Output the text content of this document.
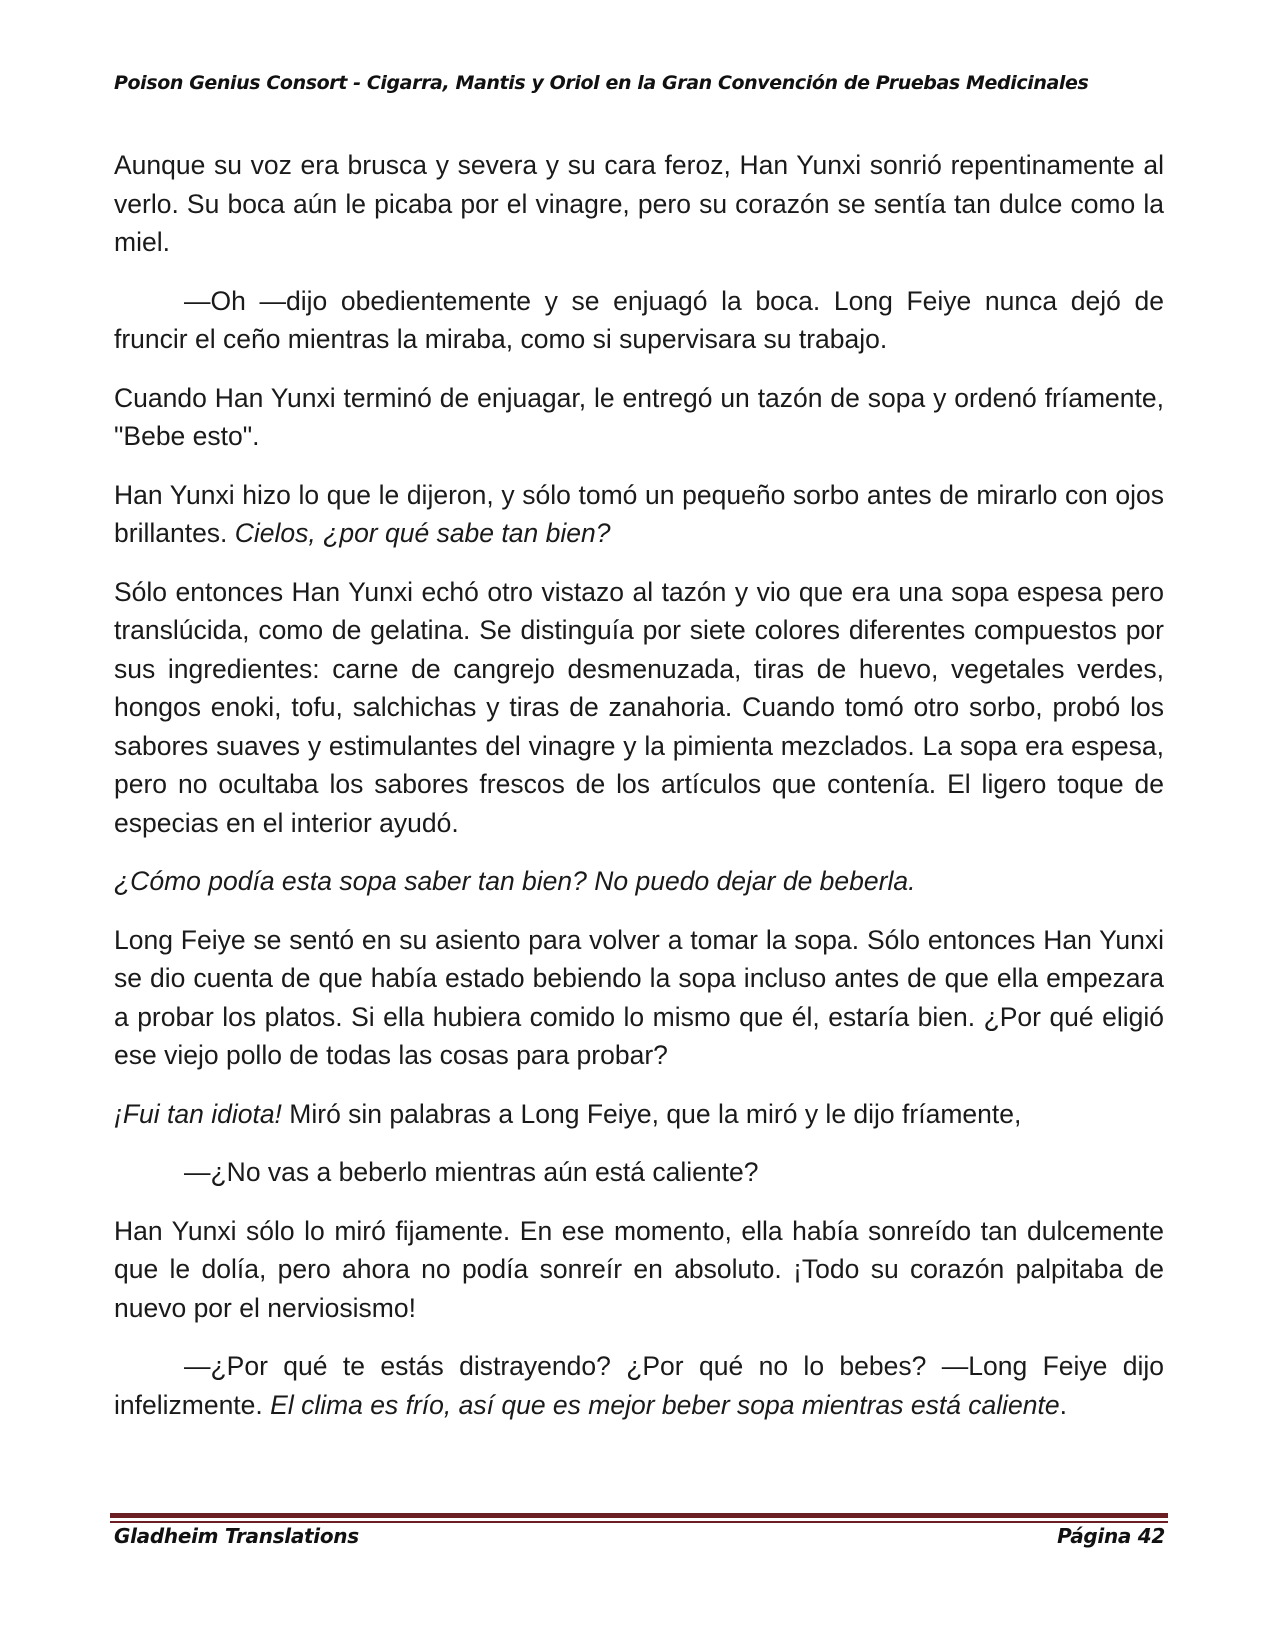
Poison Genius Consort - Cigarra, Mantis y Oriol en la Gran Convención de Pruebas Medicinales

Aunque su voz era brusca y severa y su cara feroz, Han Yunxi sonrió repentinamente al verlo. Su boca aún le picaba por el vinagre, pero su corazón se sentía tan dulce como la miel.

—Oh —dijo obedientemente y se enjuagó la boca. Long Feiye nunca dejó de fruncir el ceño mientras la miraba, como si supervisara su trabajo.

Cuando Han Yunxi terminó de enjuagar, le entregó un tazón de sopa y ordenó fríamente, "Bebe esto".

Han Yunxi hizo lo que le dijeron, y sólo tomó un pequeño sorbo antes de mirarlo con ojos brillantes. Cielos, ¿por qué sabe tan bien?

Sólo entonces Han Yunxi echó otro vistazo al tazón y vio que era una sopa espesa pero translúcida, como de gelatina. Se distinguía por siete colores diferentes compuestos por sus ingredientes: carne de cangrejo desmenuzada, tiras de huevo, vegetales verdes, hongos enoki, tofu, salchichas y tiras de zanahoria. Cuando tomó otro sorbo, probó los sabores suaves y estimulantes del vinagre y la pimienta mezclados. La sopa era espesa, pero no ocultaba los sabores frescos de los artículos que contenía. El ligero toque de especias en el interior ayudó.

¿Cómo podía esta sopa saber tan bien? No puedo dejar de beberla.

Long Feiye se sentó en su asiento para volver a tomar la sopa. Sólo entonces Han Yunxi se dio cuenta de que había estado bebiendo la sopa incluso antes de que ella empezara a probar los platos. Si ella hubiera comido lo mismo que él, estaría bien. ¿Por qué eligió ese viejo pollo de todas las cosas para probar?

¡Fui tan idiota! Miró sin palabras a Long Feiye, que la miró y le dijo fríamente,

—¿No vas a beberlo mientras aún está caliente?

Han Yunxi sólo lo miró fijamente. En ese momento, ella había sonreído tan dulcemente que le dolía, pero ahora no podía sonreír en absoluto. ¡Todo su corazón palpitaba de nuevo por el nerviosismo!

—¿Por qué te estás distrayendo? ¿Por qué no lo bebes? —Long Feiye dijo infelizmente. El clima es frío, así que es mejor beber sopa mientras está caliente.

Gladheim Translations	Página 42
